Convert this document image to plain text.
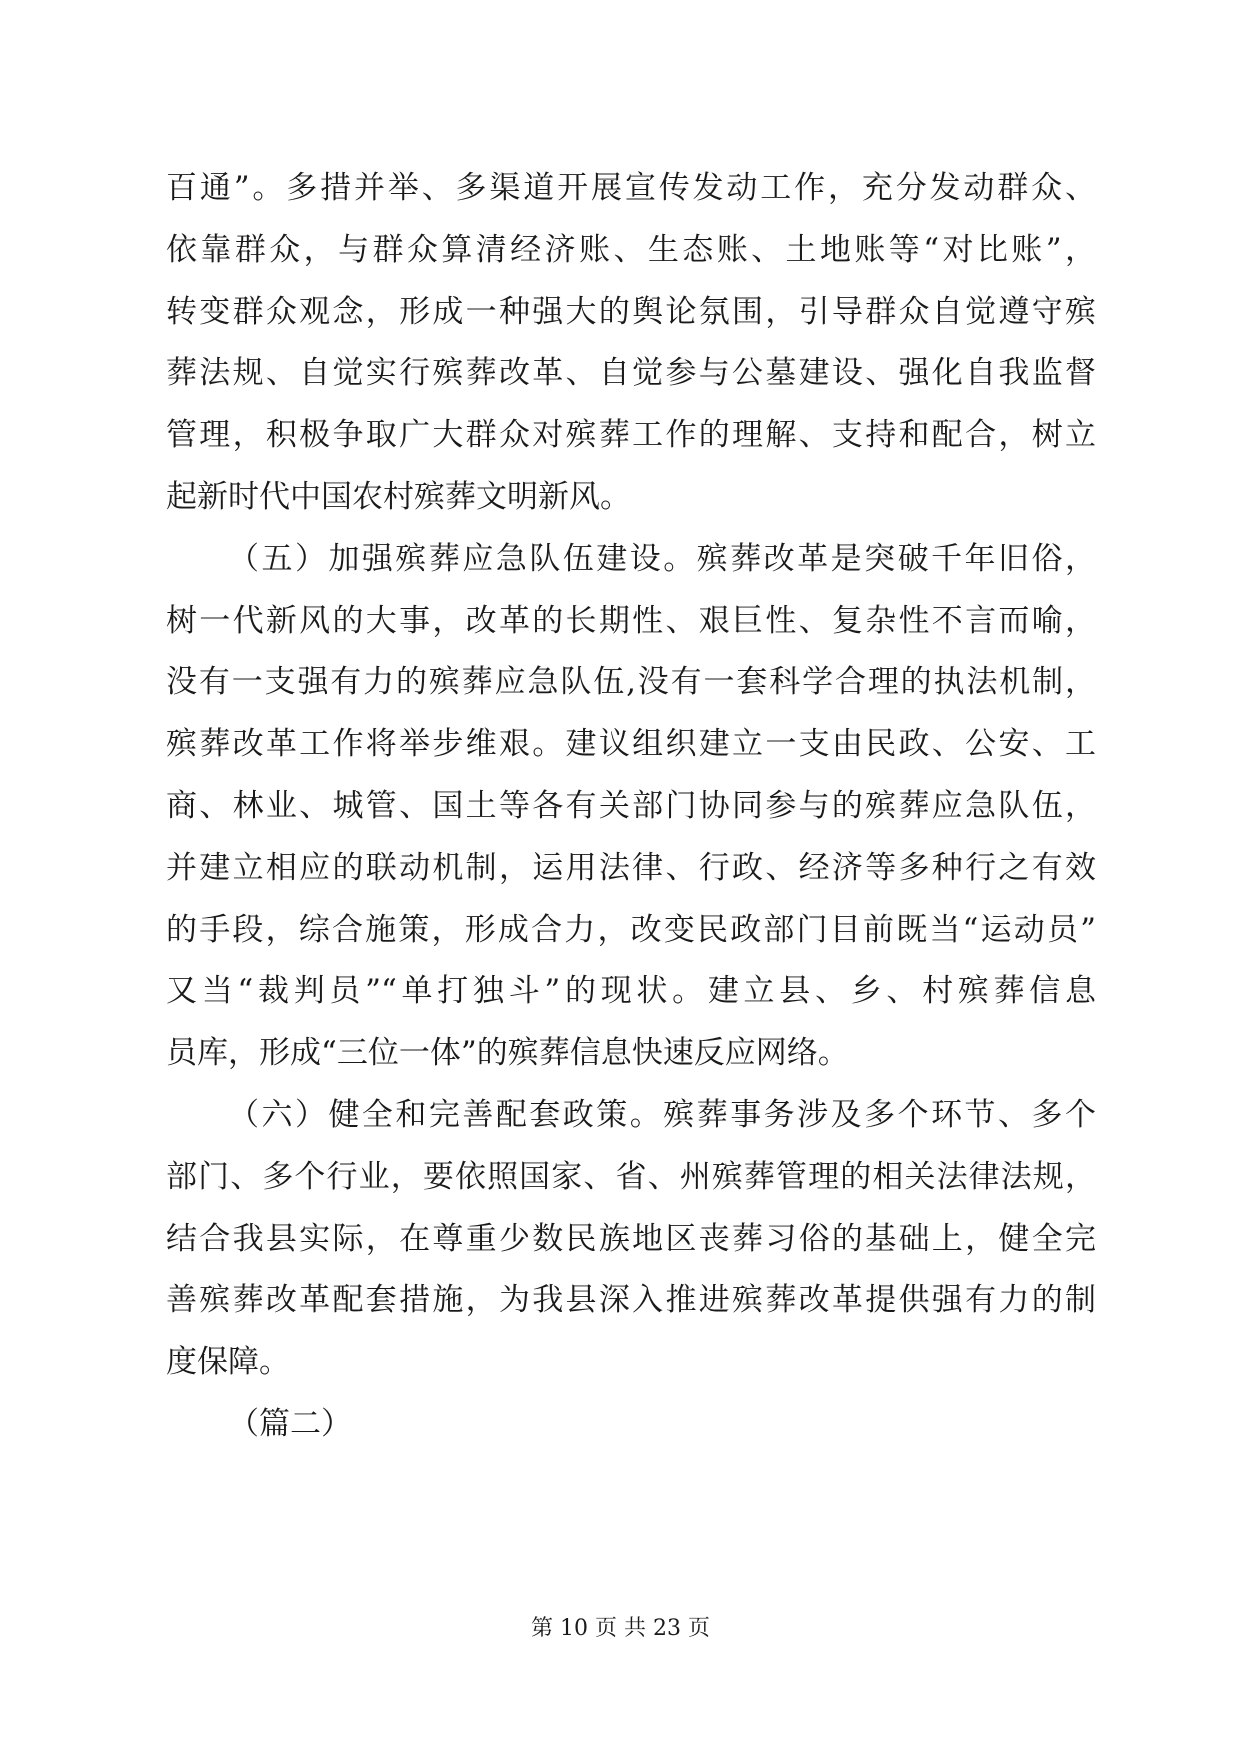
百通”。多措并举、多渠道开展宣传发动工作，充分发动群众、
依靠群众，与群众算清经济账、生态账、土地账等“对比账”，
转变群众观念，形成一种强大的舆论氛围，引导群众自觉遵守殡
葬法规、自觉实行殡葬改革、自觉参与公墓建设、强化自我监督
管理，积极争取广大群众对殡葬工作的理解、支持和配合，树立
起新时代中国农村殡葬文明新风。
（五）加强殡葬应急队伍建设。殡葬改革是突破千年旧俗，
树一代新风的大事，改革的长期性、艰巨性、复杂性不言而喻，
没有一支强有力的殡葬应急队伍,没有一套科学合理的执法机制，
殡葬改革工作将举步维艰。建议组织建立一支由民政、公安、工
商、林业、城管、国土等各有关部门协同参与的殡葬应急队伍，
并建立相应的联动机制，运用法律、行政、经济等多种行之有效
的手段，综合施策，形成合力，改变民政部门目前既当“运动员”
又当“裁判员”“单打独斗”的现状。建立县、乡、村殡葬信息
员库，形成“三位一体”的殡葬信息快速反应网络。
（六）健全和完善配套政策。殡葬事务涉及多个环节、多个
部门、多个行业，要依照国家、省、州殡葬管理的相关法律法规，
结合我县实际，在尊重少数民族地区丧葬习俗的基础上，健全完
善殡葬改革配套措施，为我县深入推进殡葬改革提供强有力的制
度保障。
（篇二）
第 10 页 共 23 页
